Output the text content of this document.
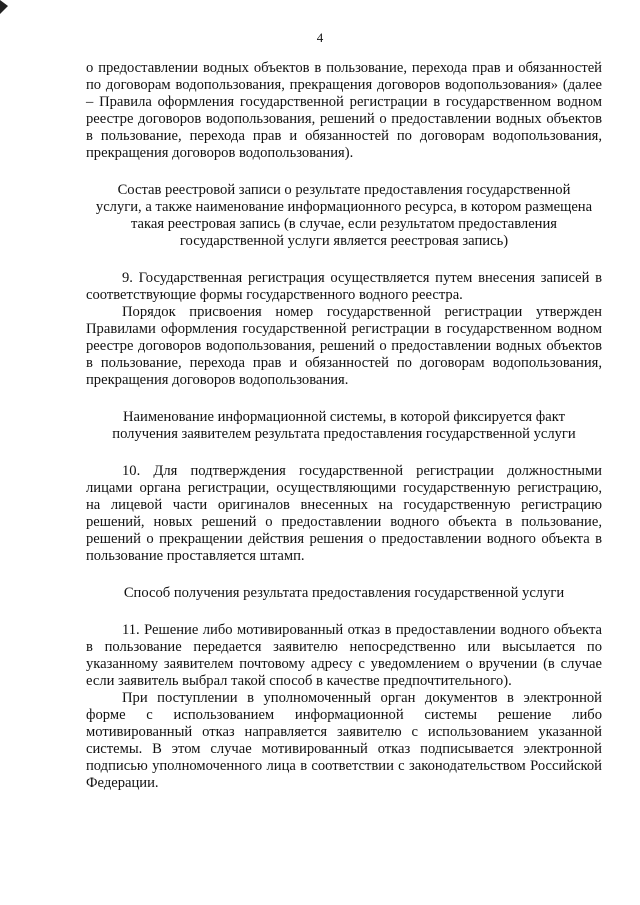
4

о предоставлении водных объектов в пользование, перехода прав и обязанностей по договорам водопользования, прекращения договоров водопользования» (далее – Правила оформления государственной регистрации в государственном водном реестре договоров водопользования, решений о предоставлении водных объектов в пользование, перехода прав и обязанностей по договорам водопользования, прекращения договоров водопользования).

Состав реестровой записи о результате предоставления государственной
услуги, а также наименование информационного ресурса, в котором размещена
такая реестровая запись (в случае, если результатом предоставления
государственной услуги является реестровая запись)

9. Государственная регистрация осуществляется путем внесения записей в соответствующие формы государственного водного реестра.

Порядок присвоения номер государственной регистрации утвержден Правилами оформления государственной регистрации в государственном водном реестре договоров водопользования, решений о предоставлении водных объектов в пользование, перехода прав и обязанностей по договорам водопользования, прекращения договоров водопользования.

Наименование информационной системы, в которой фиксируется факт
получения заявителем результата предоставления государственной услуги

10. Для подтверждения государственной регистрации должностными лицами органа регистрации, осуществляющими государственную регистрацию, на лицевой части оригиналов внесенных на государственную регистрацию решений, новых решений о предоставлении водного объекта в пользование, решений о прекращении действия решения о предоставлении водного объекта в пользование проставляется штамп.

Способ получения результата предоставления государственной услуги

11. Решение либо мотивированный отказ в предоставлении водного объекта в пользование передается заявителю непосредственно или высылается по указанному заявителем почтовому адресу с уведомлением о вручении (в случае если заявитель выбрал такой способ в качестве предпочтительного).

При поступлении в уполномоченный орган документов в электронной форме с использованием информационной системы решение либо мотивированный отказ направляется заявителю с использованием указанной системы. В этом случае мотивированный отказ подписывается электронной подписью уполномоченного лица в соответствии с законодательством Российской Федерации.
